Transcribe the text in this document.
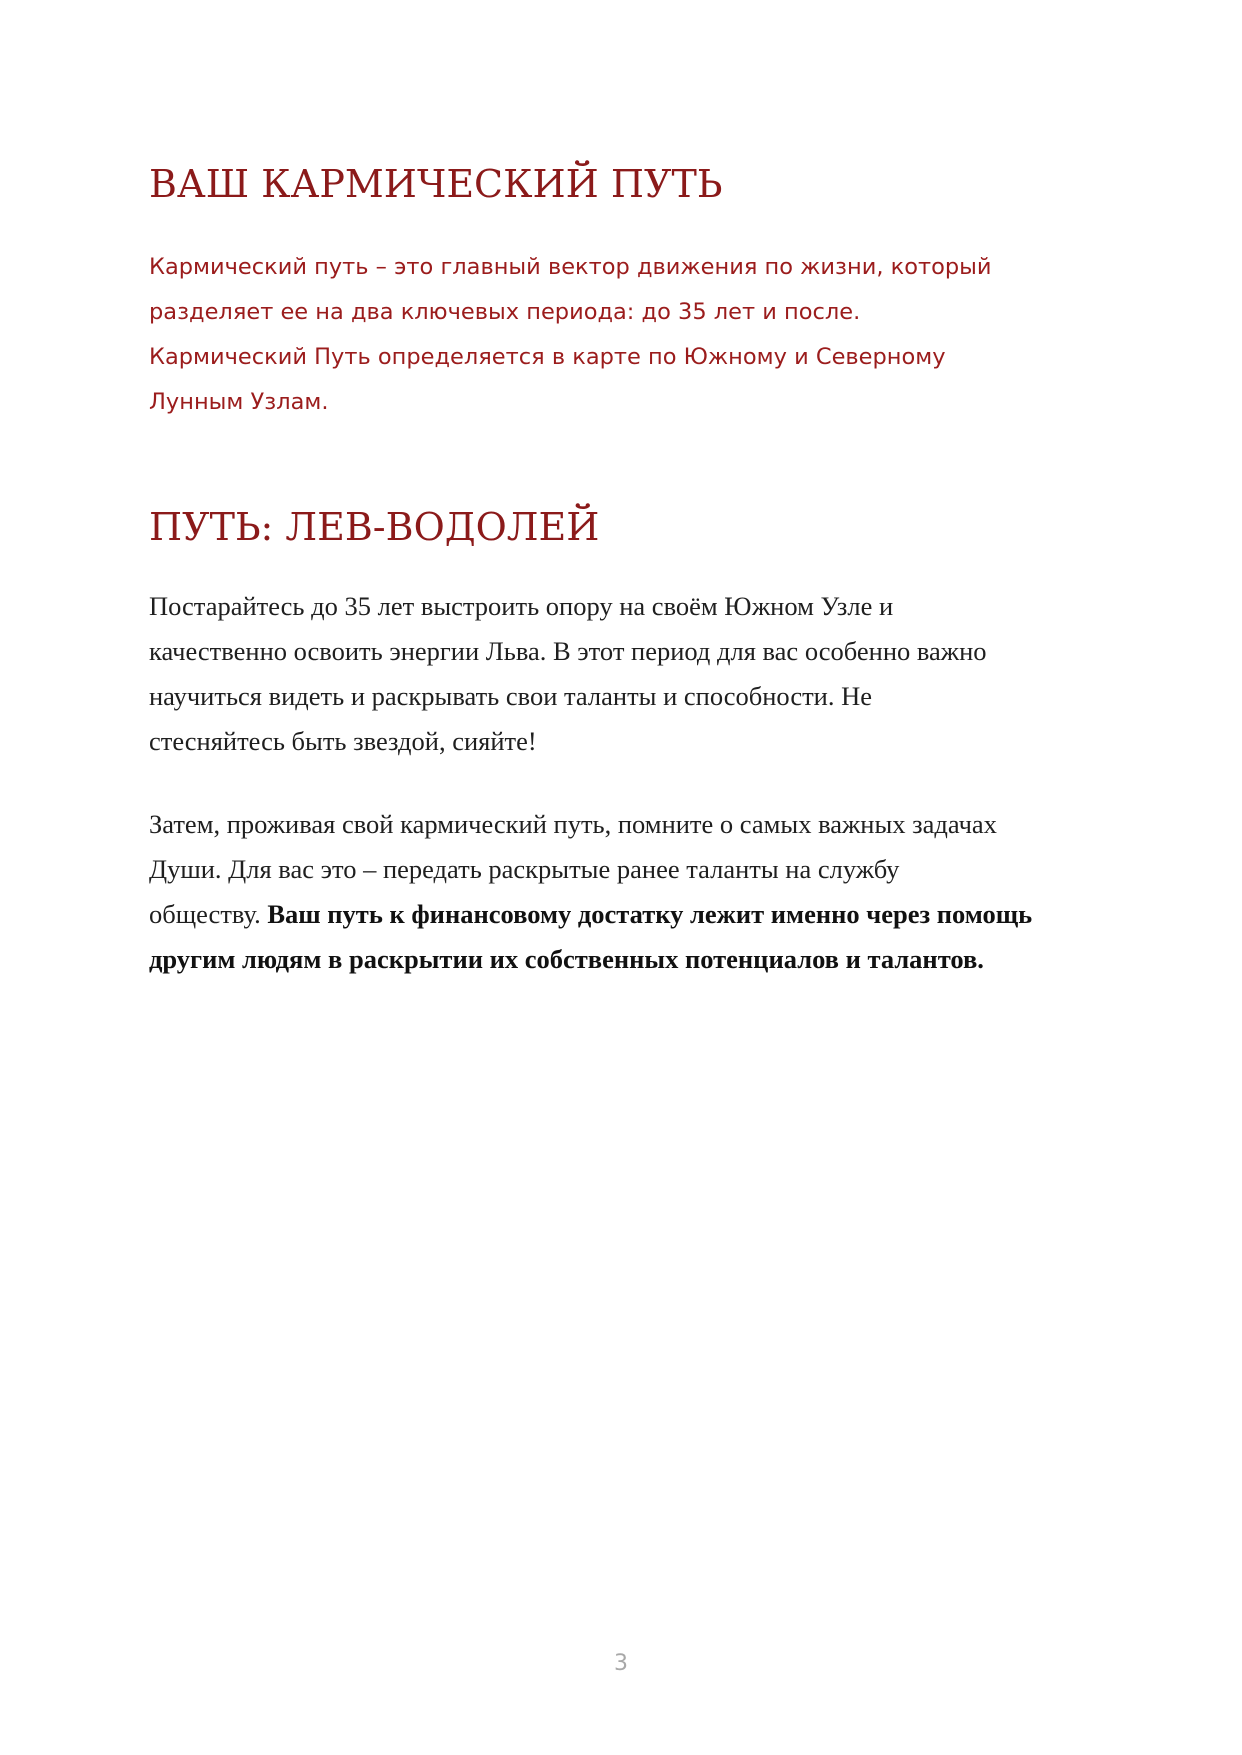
ВАШ КАРМИЧЕСКИЙ ПУТЬ

Кармический путь – это главный вектор движения по жизни, который
разделяет ее на два ключевых периода: до 35 лет и после.
Кармический Путь определяется в карте по Южному и Северному
Лунным Узлам.

ПУТЬ: ЛЕВ-ВОДОЛЕЙ

Постарайтесь до 35 лет выстроить опору на своём Южном Узле и
качественно освоить энергии Льва. В этот период для вас особенно важно
научиться видеть и раскрывать свои таланты и способности. Не
стесняйтесь быть звездой, сияйте!

Затем, проживая свой кармический путь, помните о самых важных задачах
Души. Для вас это – передать раскрытые ранее таланты на службу
обществу. Ваш путь к финансовому достатку лежит именно через помощь
другим людям в раскрытии их собственных потенциалов и талантов.

3
